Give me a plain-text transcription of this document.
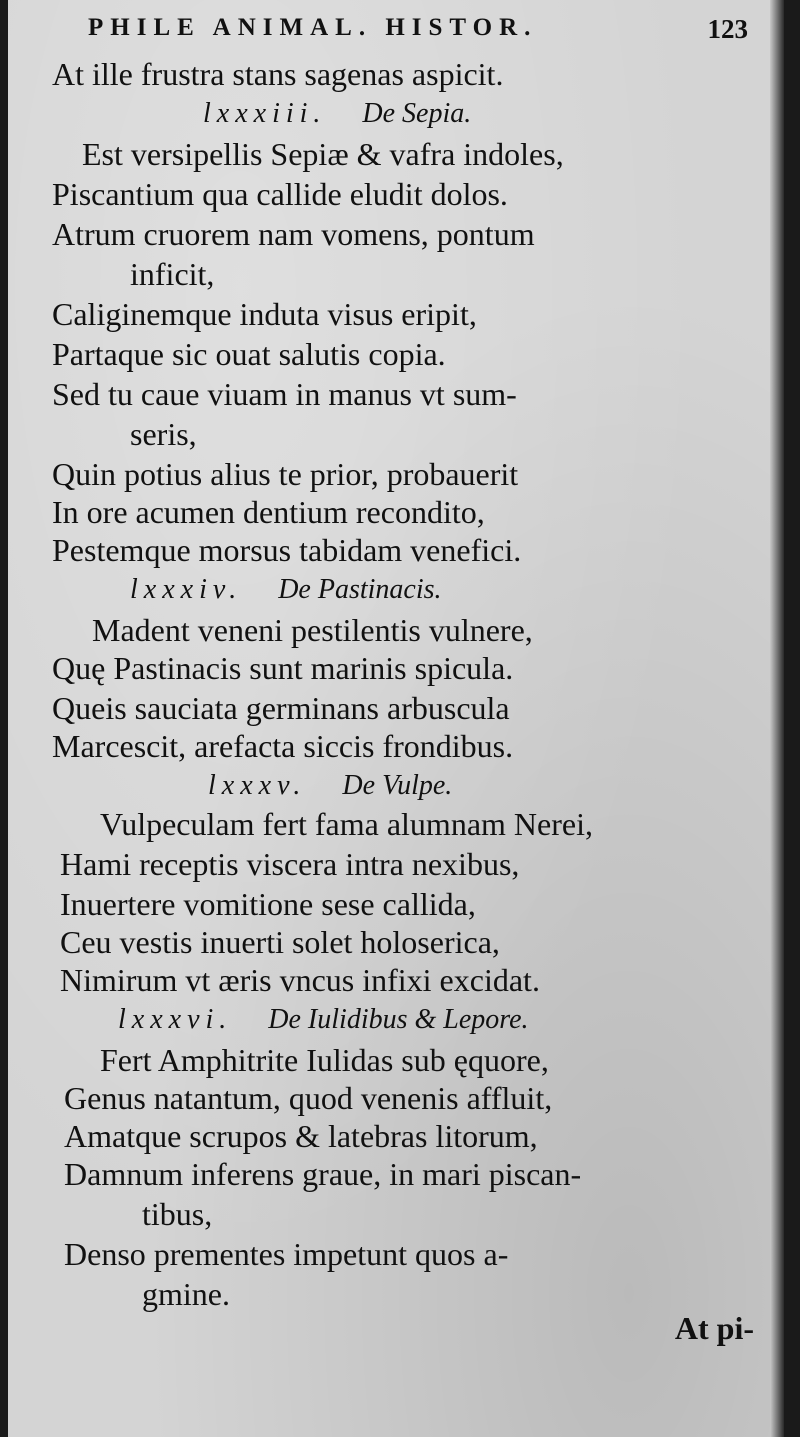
PHILE ANIMAL. HISTOR.	123
At ille frustra stans sagenas aspicit.
lxxxiii. De Sepia.
Est versipellis Sepiæ & vafra indoles,
Piscantium qua callide eludit dolos.
Atrum cruorem nam vomens, pontum
inficit,
Caliginemque induta visus eripit,
Partaque sic ouat salutis copia.
Sed tu caue viuam in manus vt sum-
seris,
Quin potius alius te prior, probauerit
In ore acumen dentium recondito,
Pestemque morsus tabidam venefici.
lxxxiv. De Pastinacis.
Madent veneni pestilentis vulnere,
Quę Pastinacis sunt marinis spicula.
Queis sauciata germinans arbuscula
Marcescit, arefacta siccis frondibus.
lxxxv. De Vulpe.
Vulpeculam fert fama alumnam Nerei,
Hami receptis viscera intra nexibus,
Inuertere vomitione sese callida,
Ceu vestis inuerti solet holoserica,
Nimirum vt æris vncus infixi excidat.
lxxxvi. De Iulidibus & Lepore.
Fert Amphitrite Iulidas sub ęquore,
Genus natantum, quod venenis affluit,
Amatque scrupos & latebras litorum,
Damnum inferens graue, in mari piscan-
tibus,
Denso prementes impetunt quos a-
gmine.
At pi-
